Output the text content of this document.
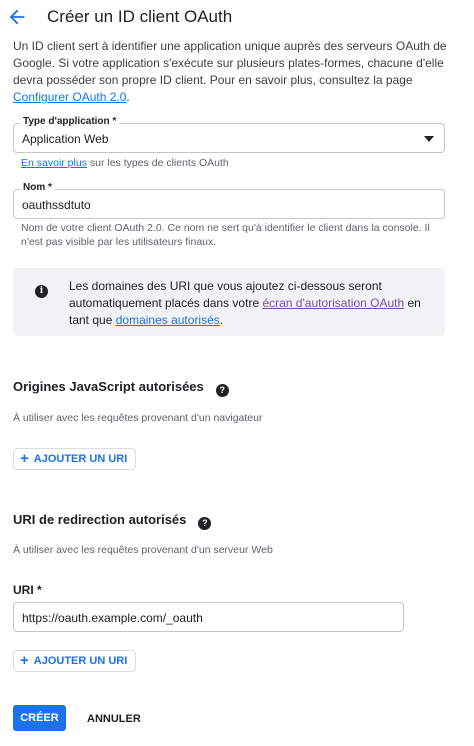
Créer un ID client OAuth
Un ID client sert à identifier une application unique auprès des serveurs OAuth de Google. Si votre application s'exécute sur plusieurs plates-formes, chacune d'elle devra posséder son propre ID client. Pour en savoir plus, consultez la page Configurer OAuth 2.0.
Type d'application *
Application Web
En savoir plus sur les types de clients OAuth
Nom *
oauthssdtuto
Nom de votre client OAuth 2.0. Ce nom ne sert qu'à identifier le client dans la console. Il n'est pas visible par les utilisateurs finaux.
i	Les domaines des URI que vous ajoutez ci-dessous seront automatiquement placés dans votre écran d'autorisation OAuth en tant que domaines autorisés.
Origines JavaScript autorisées ?
À utiliser avec les requêtes provenant d'un navigateur
+ AJOUTER UN URI
URI de redirection autorisés ?
À utiliser avec les requêtes provenant d'un serveur Web
URI *
https://oauth.example.com/_oauth
+ AJOUTER UN URI
CRÉER	ANNULER
